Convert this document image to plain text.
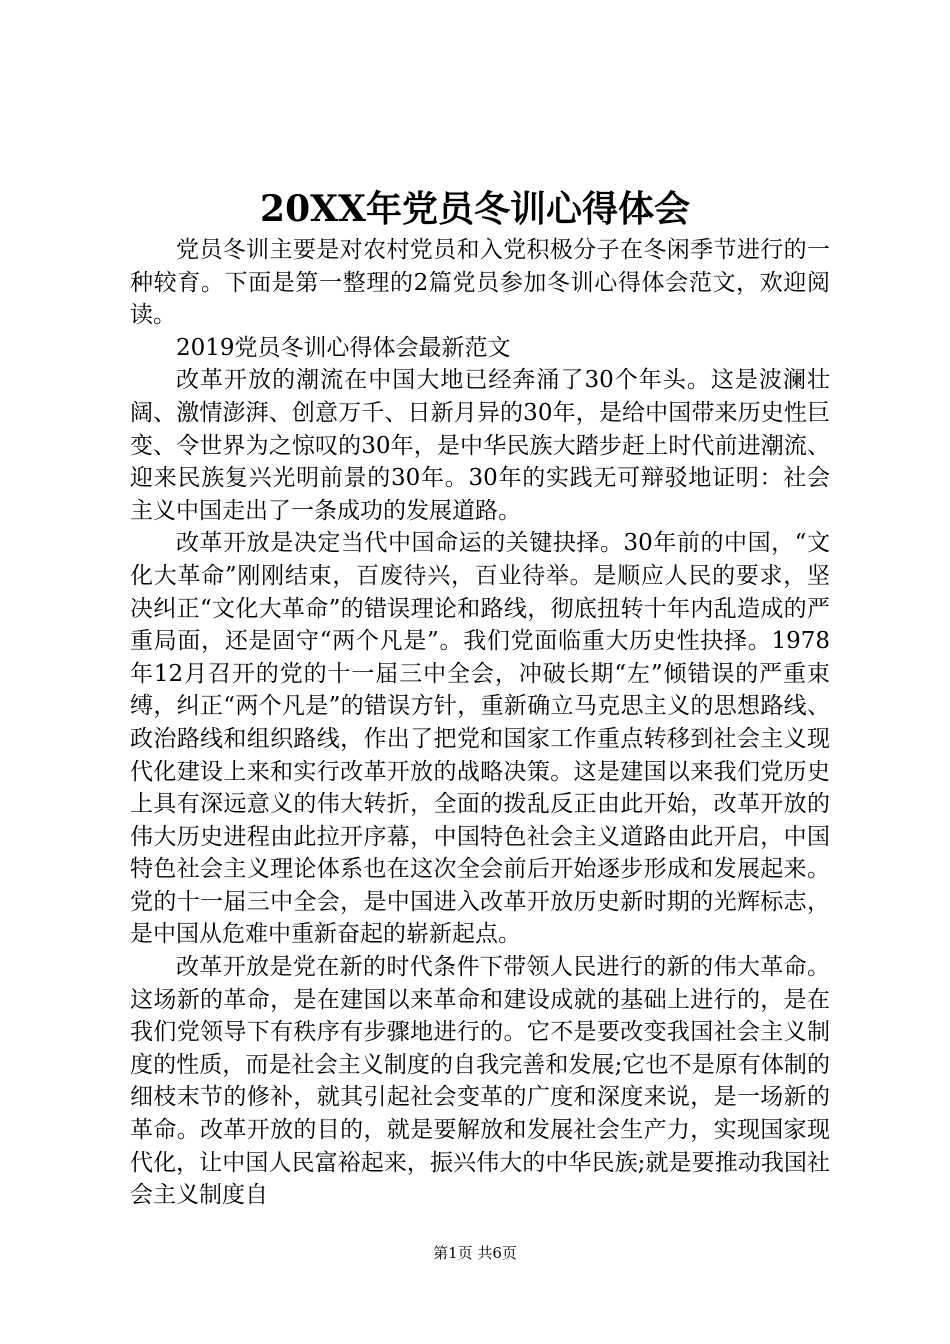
20XX年党员冬训心得体会

党员冬训主要是对农村党员和入党积极分子在冬闲季节进行的一种较育。下面是第一整理的2篇党员参加冬训心得体会范文，欢迎阅读。

2019党员冬训心得体会最新范文

改革开放的潮流在中国大地已经奔涌了30个年头。这是波澜壮阔、激情澎湃、创意万千、日新月异的30年，是给中国带来历史性巨变、令世界为之惊叹的30年，是中华民族大踏步赶上时代前进潮流、迎来民族复兴光明前景的30年。30年的实践无可辩驳地证明：社会主义中国走出了一条成功的发展道路。

改革开放是决定当代中国命运的关键抉择。30年前的中国，“文化大革命”刚刚结束，百废待兴，百业待举。是顺应人民的要求，坚决纠正“文化大革命”的错误理论和路线，彻底扭转十年内乱造成的严重局面，还是固守“两个凡是”。我们党面临重大历史性抉择。1978年12月召开的党的十一届三中全会，冲破长期“左”倾错误的严重束缚，纠正“两个凡是”的错误方针，重新确立马克思主义的思想路线、政治路线和组织路线，作出了把党和国家工作重点转移到社会主义现代化建设上来和实行改革开放的战略决策。这是建国以来我们党历史上具有深远意义的伟大转折，全面的拨乱反正由此开始，改革开放的伟大历史进程由此拉开序幕，中国特色社会主义道路由此开启，中国特色社会主义理论体系也在这次全会前后开始逐步形成和发展起来。党的十一届三中全会，是中国进入改革开放历史新时期的光辉标志，是中国从危难中重新奋起的崭新起点。

改革开放是党在新的时代条件下带领人民进行的新的伟大革命。这场新的革命，是在建国以来革命和建设成就的基础上进行的，是在我们党领导下有秩序有步骤地进行的。它不是要改变我国社会主义制度的性质，而是社会主义制度的自我完善和发展;它也不是原有体制的细枝末节的修补，就其引起社会变革的广度和深度来说，是一场新的革命。改革开放的目的，就是要解放和发展社会生产力，实现国家现代化，让中国人民富裕起来，振兴伟大的中华民族;就是要推动我国社会主义制度自

第1页 共6页
